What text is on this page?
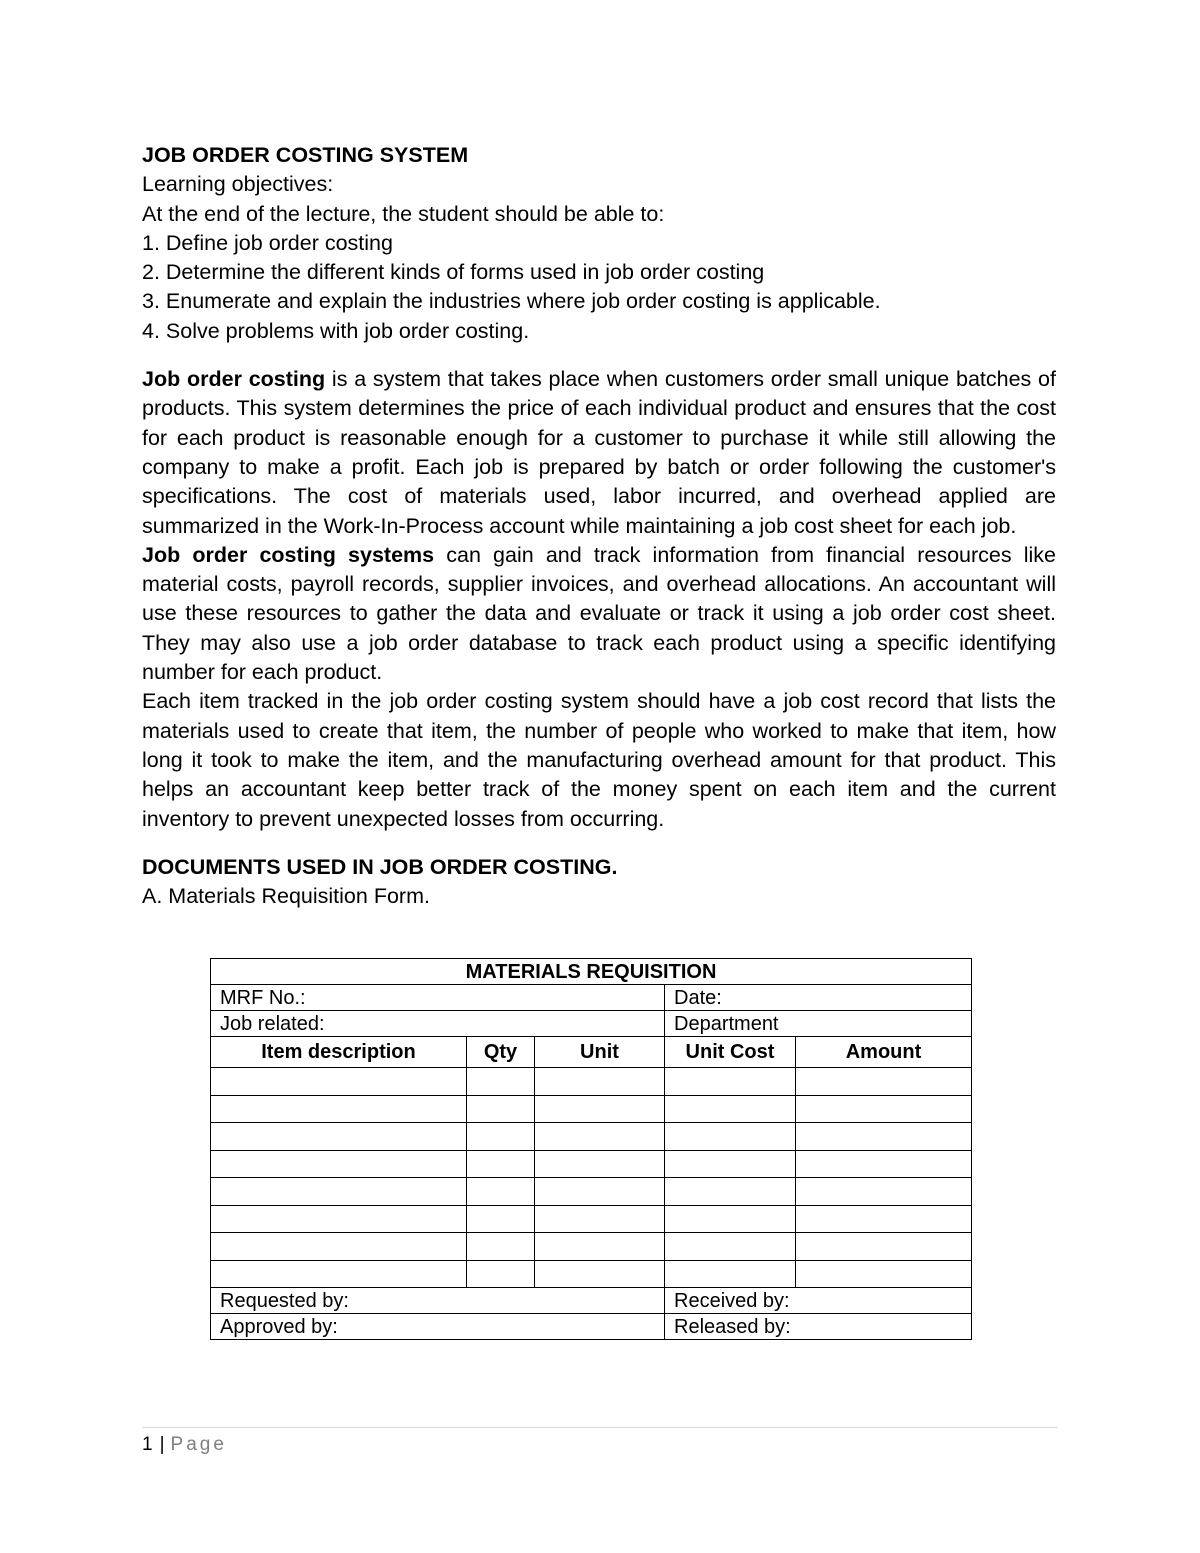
JOB ORDER COSTING SYSTEM
Learning objectives:
At the end of the lecture, the student should be able to:
1. Define job order costing
2. Determine the different kinds of forms used in job order costing
3. Enumerate and explain the industries where job order costing is applicable.
4. Solve problems with job order costing.

Job order costing is a system that takes place when customers order small unique batches of products. This system determines the price of each individual product and ensures that the cost for each product is reasonable enough for a customer to purchase it while still allowing the company to make a profit. Each job is prepared by batch or order following the customer's specifications. The cost of materials used, labor incurred, and overhead applied are summarized in the Work-In-Process account while maintaining a job cost sheet for each job.

Job order costing systems can gain and track information from financial resources like material costs, payroll records, supplier invoices, and overhead allocations. An accountant will use these resources to gather the data and evaluate or track it using a job order cost sheet. They may also use a job order database to track each product using a specific identifying number for each product.

Each item tracked in the job order costing system should have a job cost record that lists the materials used to create that item, the number of people who worked to make that item, how long it took to make the item, and the manufacturing overhead amount for that product. This helps an accountant keep better track of the money spent on each item and the current inventory to prevent unexpected losses from occurring.

DOCUMENTS USED IN JOB ORDER COSTING.
A. Materials Requisition Form.
MATERIALS REQUISITION				
MRF No.:			Date:	
Job related:			Department	
Item description	Qty	Unit	Unit Cost	Amount

Requested by:			Received by:	
Approved by:			Released by:	
1 | Page
